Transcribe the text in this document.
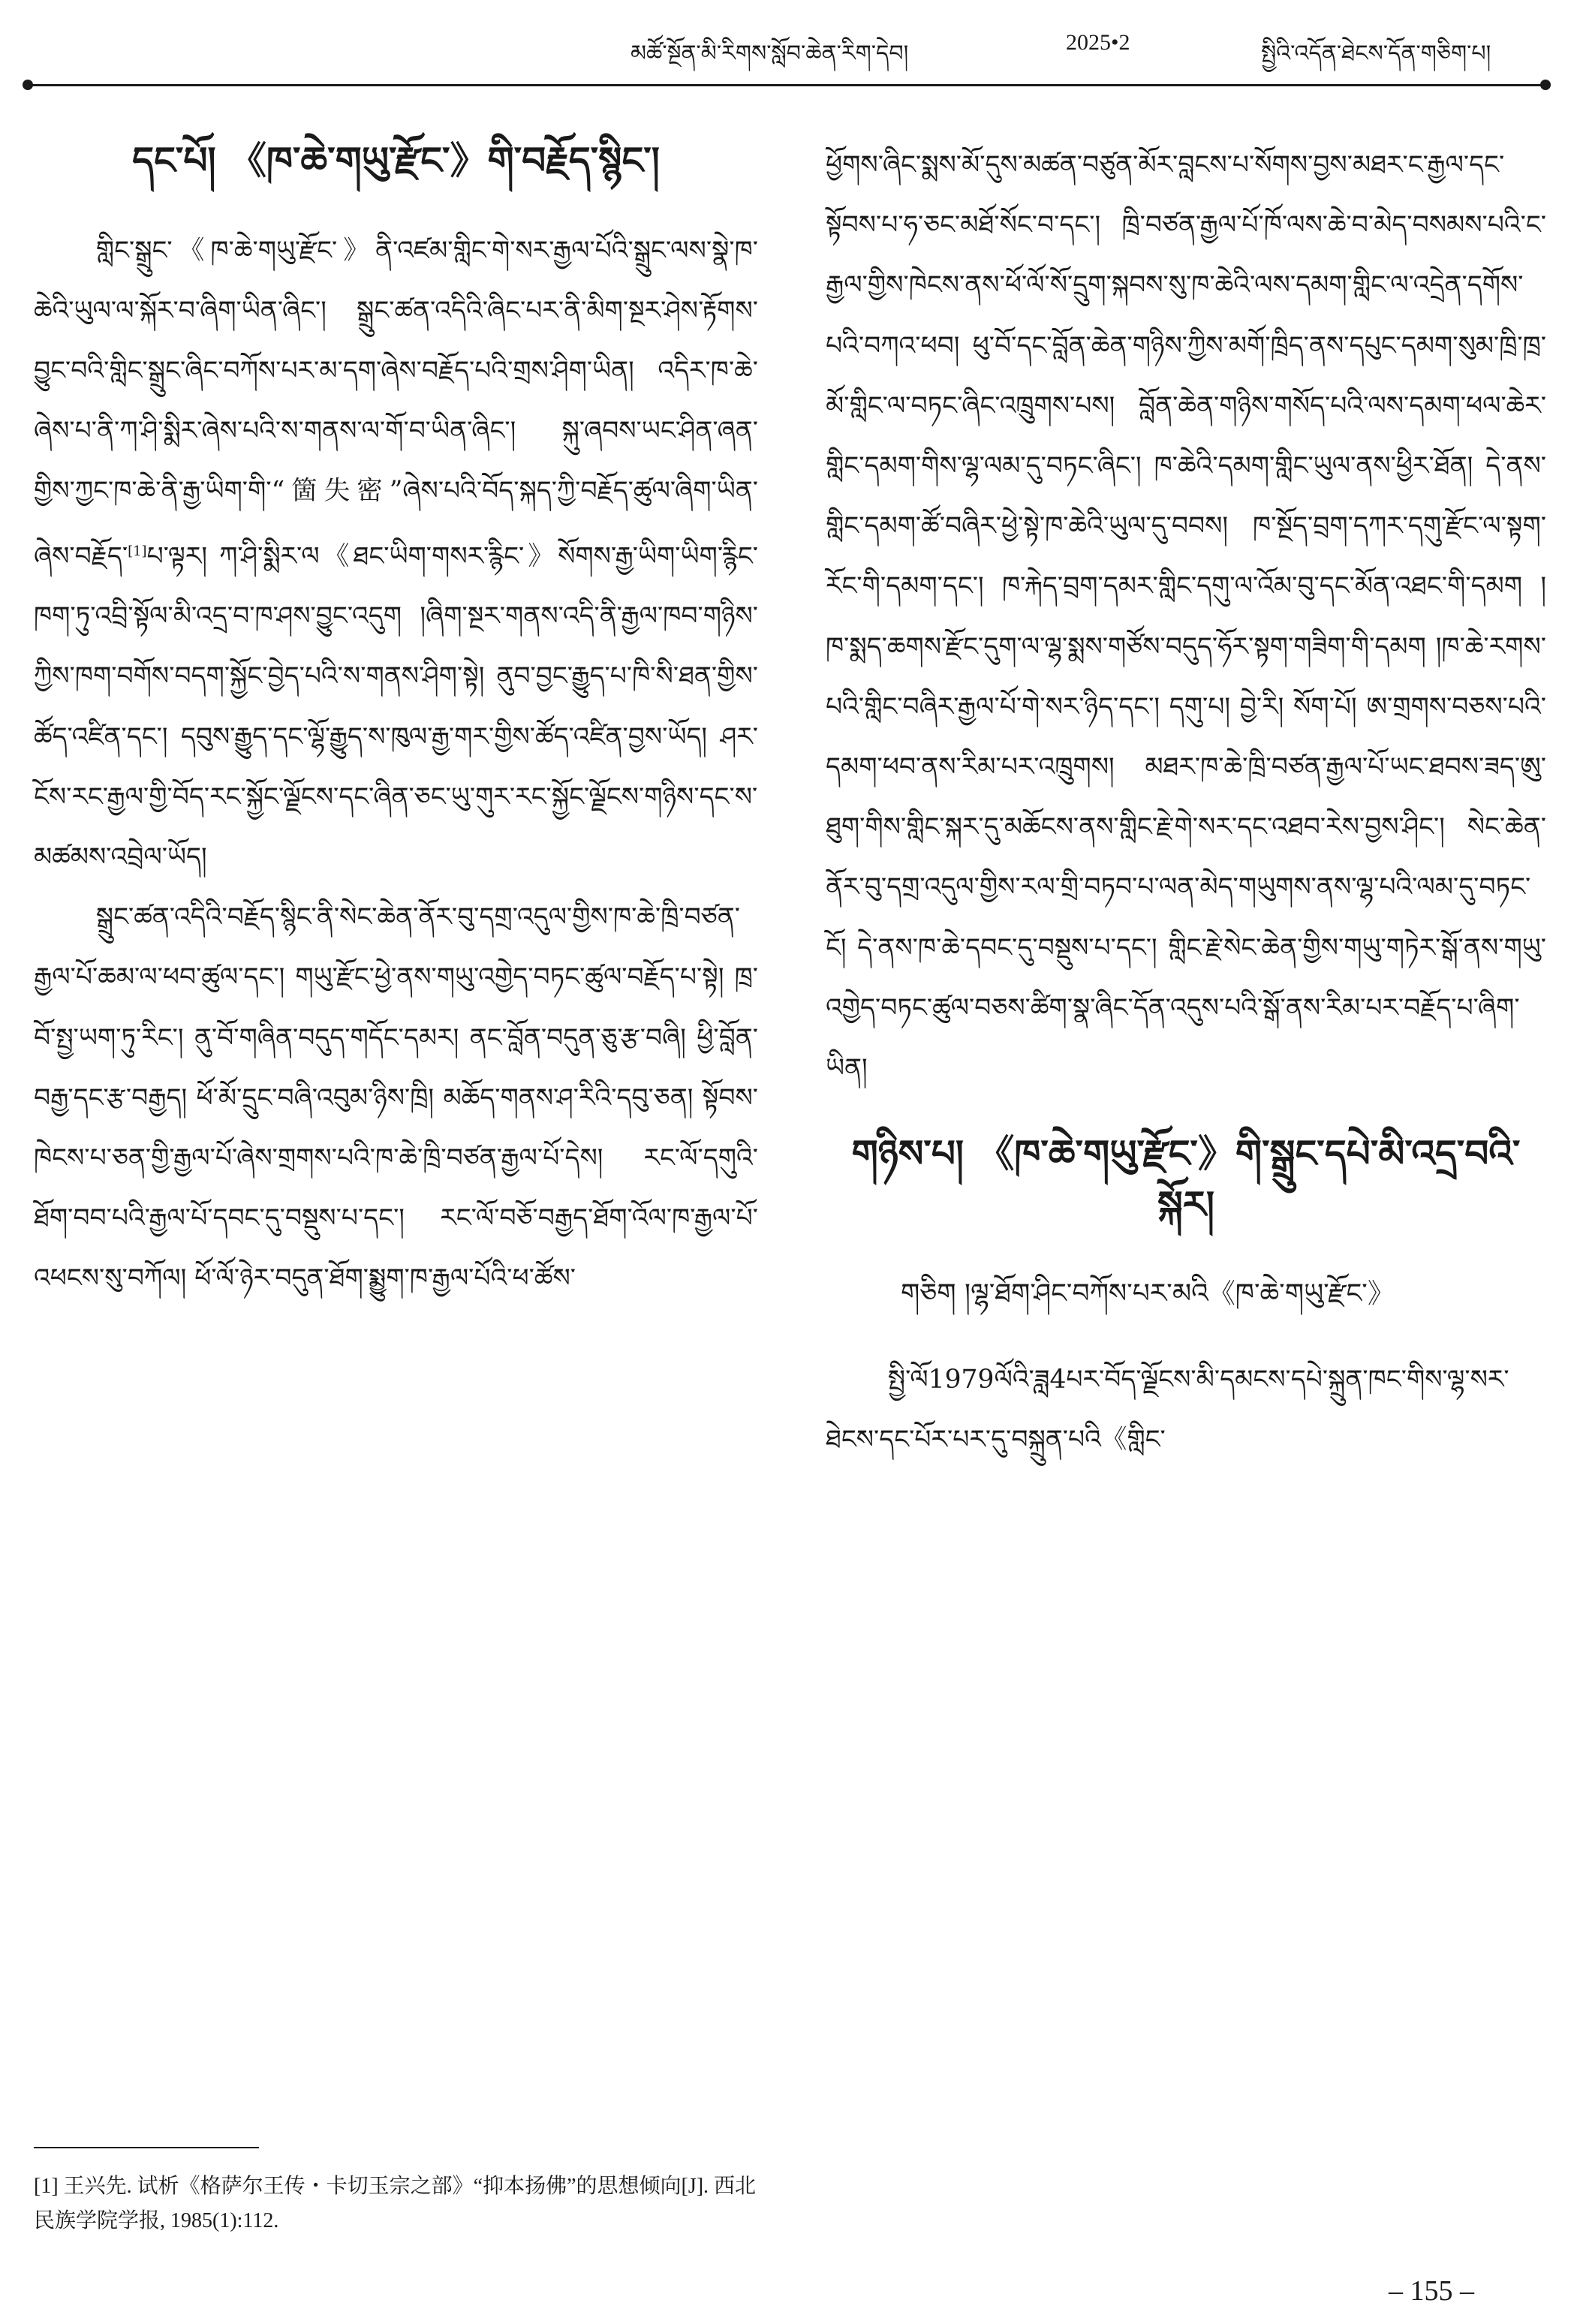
མཚོ་སྔོན་མི་རིགས་སློབ་ཆེན་རིག་དེབ།	2025•2	སྤྱིའི་འདོན་ཐེངས་དོན་གཅིག་པ།
དང་པོ། 《ཁ་ཆེ་གཡུ་རྫོང་》གི་བརྗོད་སྙིང་།

གླིང་སྒྲུང་《ཁ་ཆེ་གཡུ་རྫོང་》ནི་འཛམ་གླིང་གེ་སར་རྒྱལ་པོའི་སྒྲུང་ལས་སྣེ་ཁ་ཆེའི་ཡུལ་ལ་སྐོར་བ་ཞིག་ཡིན་ཞིང་། སྒྲུང་ཚན་འདིའི་ཞིང་པར་ནི་མིག་སྔར་ཤེས་རྟོགས་བྱུང་བའི་གླིང་སྒྲུང་ཞིང་བཀོས་པར་མ་དག་ཞེས་བརྗོད་པའི་གྲས་ཤིག་ཡིན། འདིར་ཁ་ཆེ་ཞེས་པ་ནི་ཀ་ཤི་སྨིར་ཞེས་པའི་ས་གནས་ལ་གོ་བ་ཡིན་ཞིང་། སྐུ་ཞབས་ཡང་ཤིན་ཞན་གྱིས་ཀྱང་ཁ་ཆེ་ནི་རྒྱ་ཡིག་གི་“箇失密”ཞེས་པའི་བོད་སྐད་ཀྱི་བརྗོད་ཚུལ་ཞིག་ཡིན་ཞེས་བརྗོད་[1]པ་ལྟར། ཀ་ཤི་སྨིར་ལ《ཐང་ཡིག་གསར་རྙིང་》སོགས་རྒྱ་ཡིག་ཡིག་རྙིང་ཁག་ཏུ་འབྲི་སྟོལ་མི་འདྲ་བ་ཁ་ཤས་བྱུང་འདུག །ཞིག་སྔར་གནས་འདི་ནི་རྒྱལ་ཁབ་གཉིས་ཀྱིས་ཁག་བགོས་བདག་སྐྱོང་བྱེད་པའི་ས་གནས་ཤིག་སྟེ། ནུབ་བྱང་རྒྱུད་པ་ཁི་སི་ཐན་གྱིས་ཚོད་འཛིན་དང་། དབུས་རྒྱུད་དང་ལྷོ་རྒྱུད་ས་ཁུལ་རྒྱ་གར་གྱིས་ཚོད་འཛིན་བྱས་ཡོད། ཤར་ངོས་རང་རྒྱལ་གྱི་བོད་རང་སྐྱོང་ལྗོངས་དང་ཞིན་ཅང་ཡུ་གུར་རང་སྐྱོང་ལྗོངས་གཉིས་དང་ས་མཚམས་འབྲེལ་ཡོད།

སྒྲུང་ཚན་འདིའི་བརྗོད་སྙིང་ནི་སེང་ཆེན་ནོར་བུ་དགྲ་འདུལ་གྱིས་ཁ་ཆེ་ཁྲི་བཙན་རྒྱལ་པོ་ཆམ་ལ་ཕབ་ཚུལ་དང་། གཡུ་རྫོང་ཕྱེ་ནས་གཡུ་འགྱེད་བཏང་ཚུལ་བརྗོད་པ་སྟེ། ཁྲ་བོ་སྤྱ་ཡག་ཏུ་རིང་། ནུ་བོ་གཞིན་བདུད་གདོང་དམར། ནང་བློན་བདུན་ཅུ་རྩ་བཞི། ཕྱི་བློན་བརྒྱ་དང་རྩ་བརྒྱད། ཕོ་མོ་དྲུང་བཞི་འབུམ་ཉིས་ཁྲི། མཆོད་གནས་ཤ་རིའི་དབུ་ཅན། སྟོབས་ཁེངས་པ་ཅན་གྱི་རྒྱལ་པོ་ཞེས་གྲགས་པའི་ཁ་ཆེ་ཁྲི་བཙན་རྒྱལ་པོ་དེས། རང་ལོ་དགུའི་ཐོག་བབ་པའི་རྒྱལ་པོ་དབང་དུ་བསྡུས་པ་དང་། རང་ལོ་བཅོ་བརྒྱད་ཐོག་འོལ་ཁ་རྒྱལ་པོ་འཕངས་སུ་བཀོལ། ཕོ་ལོ་ཉེར་བདུན་ཐོག་སྨྱུག་ཁ་རྒྱལ་པོའི་ཕ་ཚོས་

ཕྱོགས་ཞིང་སྨས་མོ་དུས་མཚན་བཙུན་མོར་བླངས་པ་སོགས་བྱས་མཐར་ང་རྒྱལ་དང་སྟོབས་པ་ཧ་ཅང་མཐོ་སོང་བ་དང་། ཁྲི་བཙན་རྒྱལ་པོ་ཁོ་ལས་ཆེ་བ་མེད་བསམས་པའི་ང་རྒྱལ་གྱིས་ཁེངས་ནས་ཕོ་ལོ་སོ་དྲུག་སྐབས་སུ་ཁ་ཆེའི་ལས་དམག་གླིང་ལ་འདྲེན་དགོས་པའི་བཀའ་ཕབ། ཕུ་བོ་དང་བློན་ཆེན་གཉིས་ཀྱིས་མགོ་ཁྲིད་ནས་དཔུང་དམག་སུམ་ཁྲི་ཁྲ་མོ་གླིང་ལ་བཏང་ཞིང་འཁྲུགས་པས། བློན་ཆེན་གཉིས་གསོད་པའི་ལས་དམག་ཕལ་ཆེར་གླིང་དམག་གིས་ལྷ་ལམ་དུ་བཏང་ཞིང་། ཁ་ཆེའི་དམག་གླིང་ཡུལ་ནས་ཕྱིར་ཐོན། དེ་ནས་གླིང་དམག་ཚོ་བཞིར་ཕྱེ་སྟེ་ཁ་ཆེའི་ཡུལ་དུ་བབས། ཁ་སྔོད་བྲག་དཀར་དགུ་རྫོང་ལ་སྟག་རོང་གི་དམག་དང་། ཁ་རྐེད་བྲག་དམར་གླིང་དགུ་ལ་འོམ་བུ་དང་མོན་འཐང་གི་དམག །ཁ་སྨད་ཆགས་རྫོང་དུག་ལ་ལྷ་སྨས་གཙོས་བདུད་ཧོར་སྟག་གཟིག་གི་དམག །ཁ་ཆེ་རགས་པའི་གླིང་བཞིར་རྒྱལ་པོ་གེ་སར་ཉིད་དང་། དགུ་པ། བྱེ་རི། སོག་པོ། ཨ་གྲགས་བཅས་པའི་དམག་ཕབ་ནས་རིམ་པར་འཁྲུགས། མཐར་ཁ་ཆེ་ཁྲི་བཙན་རྒྱལ་པོ་ཡང་ཐབས་ཟད་ཨུ་ཐུག་གིས་གླིང་སྐར་དུ་མཆོངས་ནས་གླིང་རྗེ་གེ་སར་དང་འཐབ་རེས་བྱས་ཤིང་། སེང་ཆེན་ནོར་བུ་དགྲ་འདུལ་གྱིས་རལ་གྲི་བཏབ་པ་ལན་མེད་གཡུགས་ནས་ལྷ་པའི་ལམ་དུ་བཏང་ངོ། དེ་ནས་ཁ་ཆེ་དབང་དུ་བསྡུས་པ་དང་། གླིང་རྗེ་སེང་ཆེན་གྱིས་གཡུ་གཏེར་སྒོ་ནས་གཡུ་འགྱེད་བཏང་ཚུལ་བཅས་ཚིག་སྣ་ཞིང་དོན་འདུས་པའི་སྒོ་ནས་རིམ་པར་བརྗོད་པ་ཞིག་ཡིན།

གཉིས་པ། 《ཁ་ཆེ་གཡུ་རྫོང་》གི་སྒྲུང་དཔེ་མི་འདྲ་བའི་སྐོར།
གཅིག །ལྷ་ཐོག་ཤིང་བཀོས་པར་མའི《ཁ་ཆེ་གཡུ་རྫོང་》

སྤྱི་ལོ1979ལོའི་ཟླ4པར་བོད་ལྗོངས་མི་དམངས་དཔེ་སྐྲུན་ཁང་གིས་ལྷ་སར་ཐེངས་དང་པོར་པར་དུ་བསྐྲུན་པའི《གླིང་

[1] 王兴先. 试析《格萨尔王传・卡切玉宗之部》“抑本扬佛”的思想倾向[J]. 西北民族学院学报, 1985(1):112.
– 155 –
